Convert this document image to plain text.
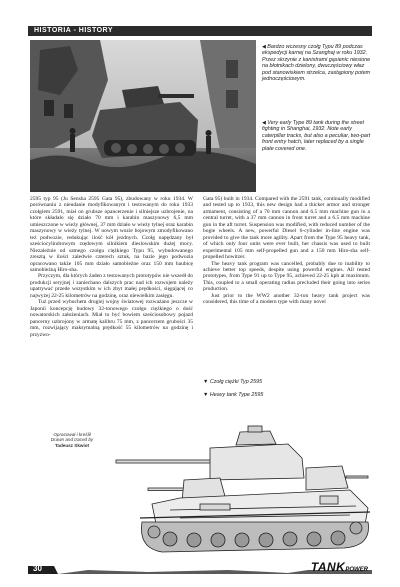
HISTORIA - HISTORY
◀ Bardzo wczesny czołg Typu 89 podczas ekspedycji karnej na Szanghaj w roku 1932. Przez skrzynie z kanistrami gąsienic niesione na błotnikach dzielony, dwuczęściowy właz pod stanowiskiem strzelca, zastąpiony potem jednoczęściowym.
◀ Very early Type 89 tank during the street fighting in Shanghai, 1932. Note early caterpillar tracks, but also a peculiar, two-part front entry hatch, later replaced by a single plate covered one.

2595 typ 95 (Ju Sensha 2595 Gata 95), zbudowany w roku 1934. W porównaniu z nieudanie modyfikowanym i testowanym do roku 1933 czołgiem 2591, miał on grubsze opancerzenie i silniejsze uzbrojenie, na które składało się działo 70 mm i karabin maszynowy 6,5 mm umieszczone w wieży głównej, 37 mm działo w wieży tylnej oraz karabin maszynowy w wieży tylnej. W nowym wozie bojowym zmodyfikowano też podwozie, redukując ilość kół jezdnych. Czołg napędzany był sześciocylindrowym rzędowym silnikiem dieslowskim dużej mocy. Niezależnie od samego czołgu ciężkiego Typu 95, wybudowanego zresztą w ilości zaledwie czterech sztuk, na bazie jego podwozia opracowano także 105 mm działo samobieżne oraz 150 mm haubicę samobieżną Hiro-sha.

Przyczym, dla których żaden z testowanych prototypów nie wszedł do produkcji seryjnej i zaniechano dalszych prac nad ich rozwojem należy upatrywać przede wszystkim w ich zbyt małej prędkości, sięgającej co najwyżej 22-25 kilometrów na godzinę, oraz niewielkim zasięgu.

Tuż przed wybuchem drugiej wojny światowej rozważano jeszcze w Japonii koncepcję budowy 32-tonowego czołgu ciężkiego o dość nowatorskich założeniach. Miał to być bowiem sześciosobowy pojazd pancerny uzbrojony w armatę kalibru 75 mm, z pancerzem grubości 35 mm, rozwijający maksymalną prędkość 55 kilometrów na godzinę i przyzwo-

Gata 95) built in 1934. Compared with the 2591 tank, continually modified and tested up to 1933, this new design had a thicker armor and stronger armament, consisting of a 70 mm cannon and 6.5 mm machine gun in a central turret, with a 37 mm cannon in front turret and a 6.5 mm machine gun in the aft turret. Suspension was modified, with reduced number of the bogie wheels. A new, powerful Diesel 6-cylinder in-line engine was provided to give the tank more agility. Apart from the Type 95 heavy tank, of which only four units were ever built, her chassis was used to built experimental 105 mm self-propelled gun and a 150 mm Hiro-sha self-propelled howitzer.

The heavy tank program was cancelled, probably due to inability to achieve better top speeds, despite using powerful engines. All tested prototypes, from Type 91 up to Type 95, achieved 22-25 kph at maximum. This, coupled to a small operating radius precluded their going into series production.

Just prior to the WW2 another 32-ton heavy tank project was considered, this time of a modern type with many novel

▼ Czołg ciężki Typ 2595
▼ Heavy tank Type 2595
Opracował i kreślił
Drawn and traced by
Tadeusz Skwiot
30	TANKPOWER
